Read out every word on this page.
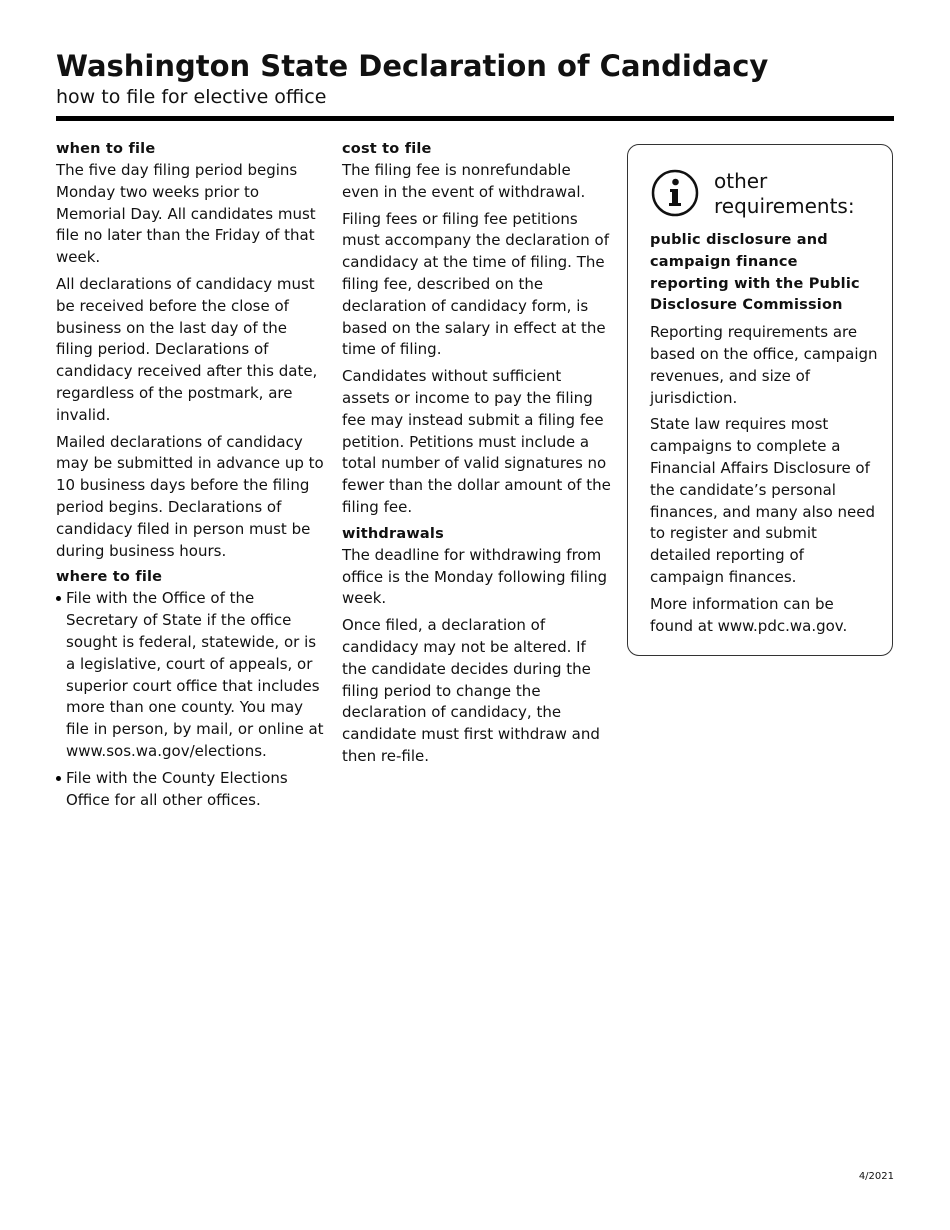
Washington State Declaration of Candidacy
how to file for elective office
when to file

The five day filing period begins Monday two weeks prior to Memorial Day. All candidates must file no later than the Friday of that week.

All declarations of candidacy must be received before the close of business on the last day of the filing period. Declarations of candidacy received after this date, regardless of the postmark, are invalid.

Mailed declarations of candidacy may be submitted in advance up to 10 business days before the filing period begins. Declarations of candidacy filed in person must be during business hours.

where to file
File with the Office of the Secretary of State if the office sought is federal, statewide, or is a legislative, court of appeals, or superior court office that includes more than one county. You may file in person, by mail, or online at www.sos.wa.gov/elections.
File with the County Elections Office for all other offices.
cost to file

The filing fee is nonrefundable even in the event of withdrawal.

Filing fees or filing fee petitions must accompany the declaration of candidacy at the time of filing. The filing fee, described on the declaration of candidacy form, is based on the salary in effect at the time of filing.

Candidates without sufficient assets or income to pay the filing fee may instead submit a filing fee petition. Petitions must include a total number of valid signatures no fewer than the dollar amount of the filing fee.

withdrawals

The deadline for withdrawing from office is the Monday following filing week.

Once filed, a declaration of candidacy may not be altered. If the candidate decides during the filing period to change the declaration of candidacy, the candidate must first withdraw and then re-file.

other requirements:
public disclosure and campaign finance reporting with the Public Disclosure Commission

Reporting requirements are based on the office, campaign revenues, and size of jurisdiction.

State law requires most campaigns to complete a Financial Affairs Disclosure of the candidate’s personal finances, and many also need to register and submit detailed reporting of campaign finances.

More information can be found at www.pdc.wa.gov.

4/2021
